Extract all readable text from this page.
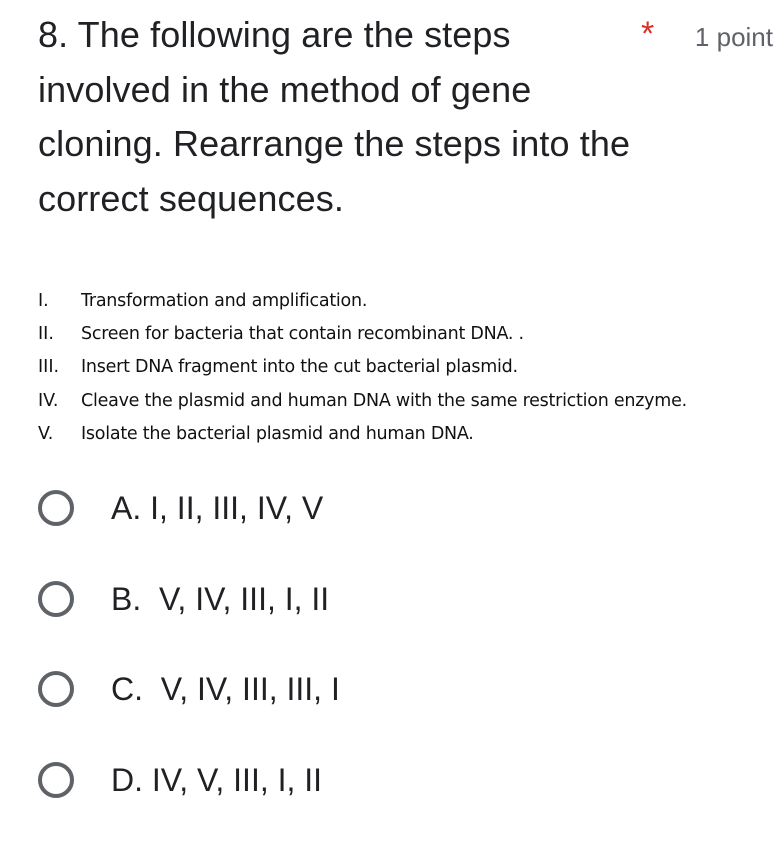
8. The following are the steps
involved in the method of gene
cloning. Rearrange the steps into the
correct sequences.
* 1 point
I. Transformation and amplification.
II. Screen for bacteria that contain recombinant DNA. .
III. Insert DNA fragment into the cut bacterial plasmid.
IV. Cleave the plasmid and human DNA with the same restriction enzyme.
V. Isolate the bacterial plasmid and human DNA.
A. I, II, III, IV, V
B.  V, IV, III, I, II
C.  V, IV, III, III, I
D. IV, V, III, I, II
